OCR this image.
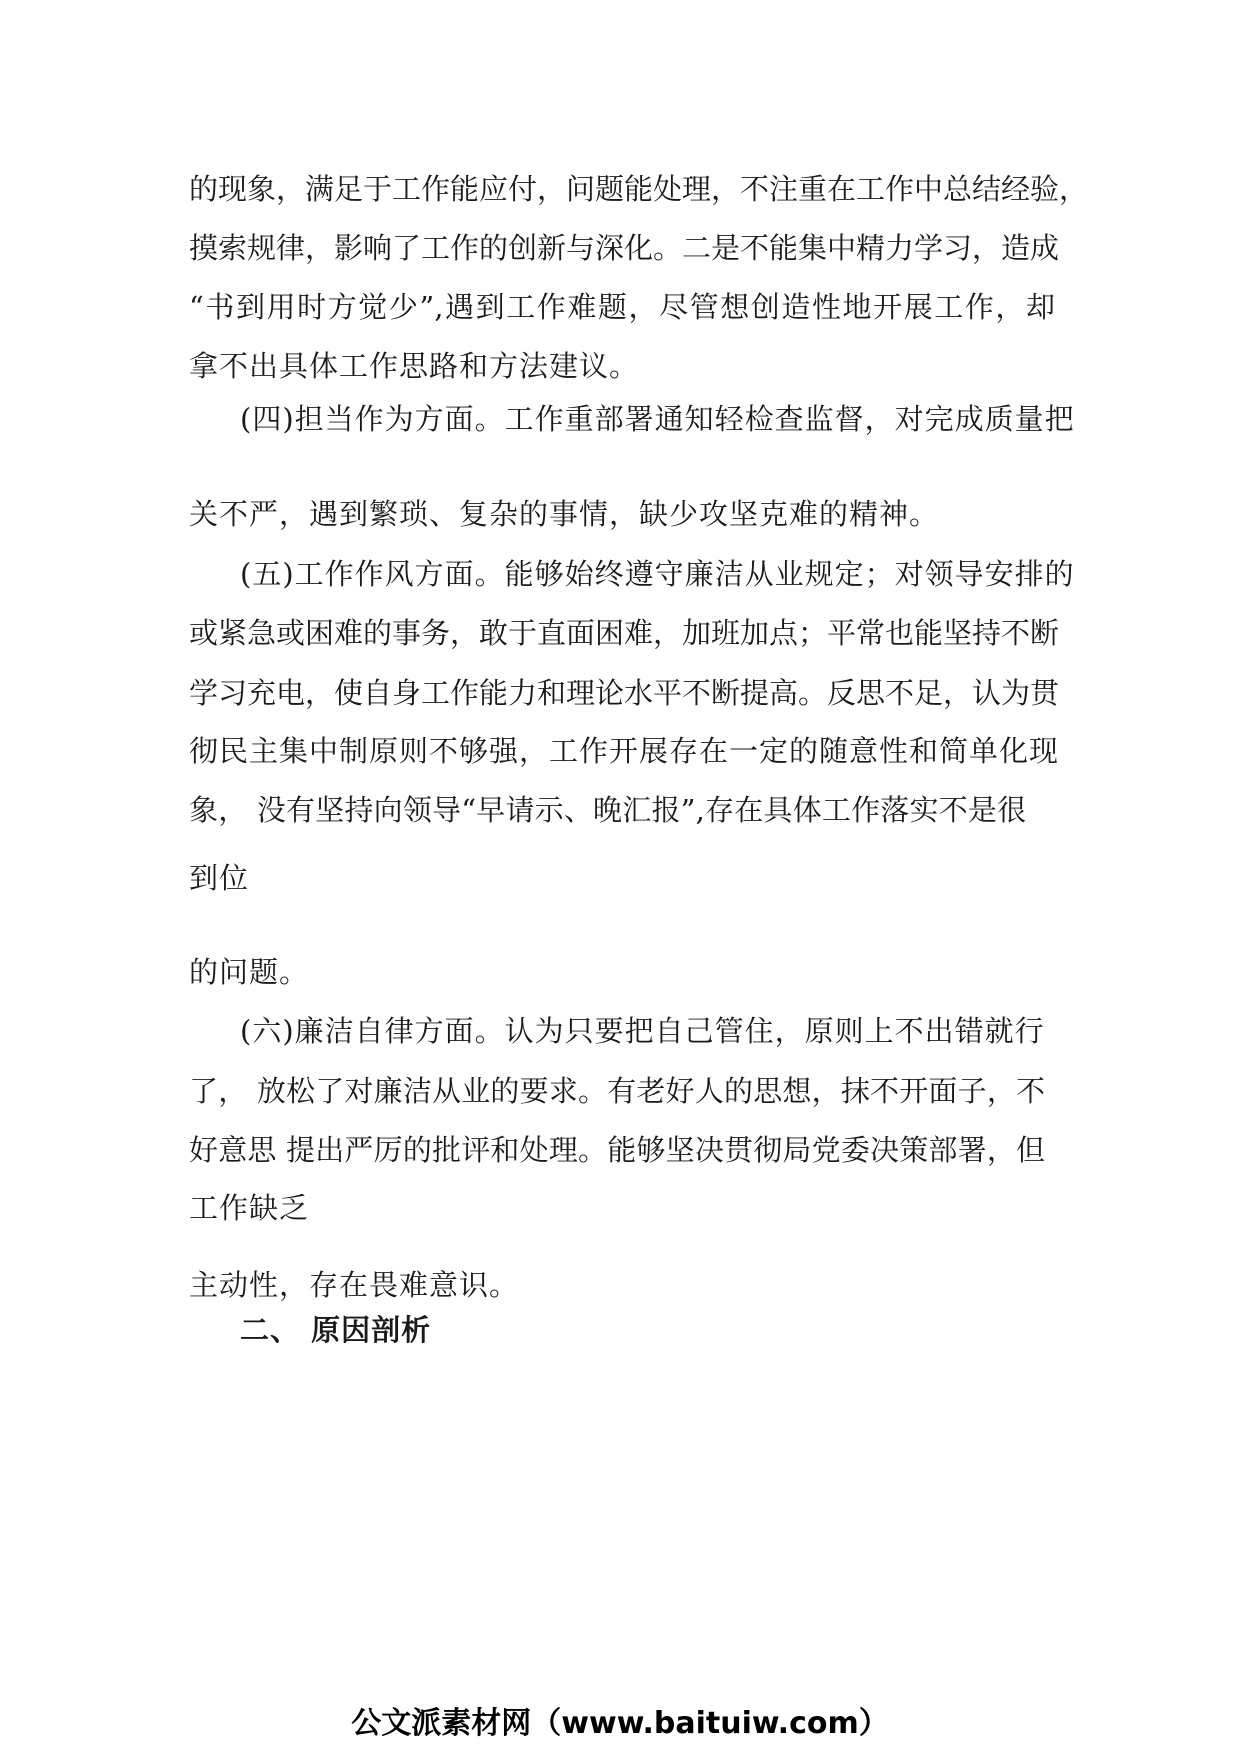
的现象，满足于工作能应付，问题能处理，不注重在工作中总结经验，
摸索规律，影响了工作的创新与深化。二是不能集中精力学习，造成
“书到用时方觉少”,遇到工作难题，尽管想创造性地开展工作，却
拿不出具体工作思路和方法建议。
(四)担当作为方面。工作重部署通知轻检查监督，对完成质量把
关不严，遇到繁琐、复杂的事情，缺少攻坚克难的精神。
(五)工作作风方面。能够始终遵守廉洁从业规定；对领导安排的
或紧急或困难的事务，敢于直面困难，加班加点；平常也能坚持不断
学习充电，使自身工作能力和理论水平不断提高。反思不足，认为贯
彻民主集中制原则不够强，工作开展存在一定的随意性和简单化现
象， 没有坚持向领导“早请示、晚汇报”,存在具体工作落实不是很
到位
的问题。
(六)廉洁自律方面。认为只要把自己管住，原则上不出错就行
了， 放松了对廉洁从业的要求。有老好人的思想，抹不开面子，不
好意思 提出严厉的批评和处理。能够坚决贯彻局党委决策部署，但
工作缺乏
主动性，存在畏难意识。
二、 原因剖析
公文派素材网（www.baituiw.com）
